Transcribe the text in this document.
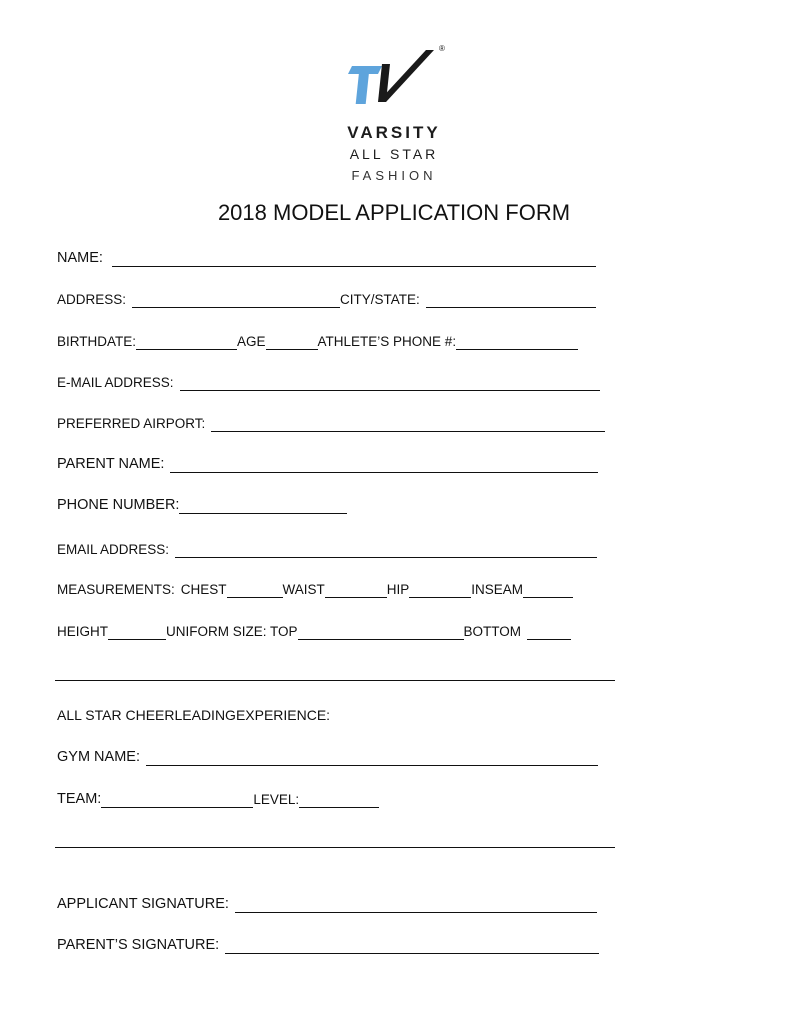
®
VARSITY
ALL STAR
FASHION
2018 MODEL APPLICATION FORM
NAME:
ADDRESS:	CITY/STATE:
BIRTHDATE:	AGE	ATHLETE’S PHONE #:
E-MAIL ADDRESS:
PREFERRED AIRPORT:
PARENT NAME:
PHONE NUMBER:
EMAIL ADDRESS:
MEASUREMENTS: CHEST	WAIST	HIP	INSEAM
HEIGHT	UNIFORM SIZE: TOP	BOTTOM
ALL STAR CHEERLEADINGEXPERIENCE:
GYM NAME:
TEAM:	LEVEL:
APPLICANT SIGNATURE:
PARENT’S SIGNATURE:
